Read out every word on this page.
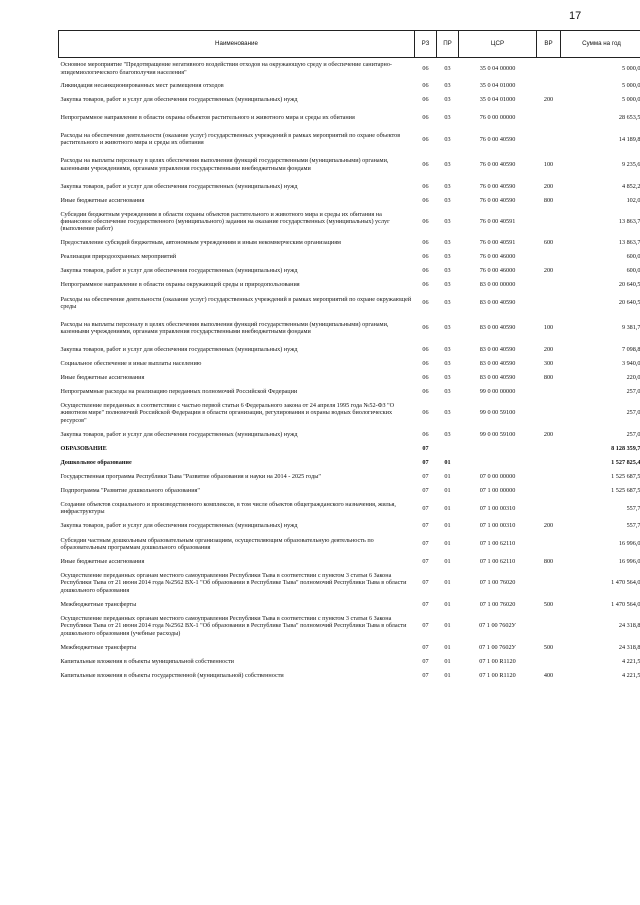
17
Наименование	РЗ	ПР	ЦСР	ВР	Сумма на год
Основное мероприятие "Предотвращение негативного воздействия отходов на окружающую среду и обеспечение санитарно-эпидемиологического благополучия населения"	06	03	35 0 04 00000		5 000,0
Ликвидация несанкционированных мест размещения отходов	06	03	35 0 04 01000		5 000,0
Закупка товаров, работ и услуг для обеспечения государственных (муниципальных) нужд	06	03	35 0 04 01000	200	5 000,0
Непрограммное направление в области охраны объектов растительного и животного мира и среды их обитания	06	03	76 0 00 00000		28 653,5
Расходы на обеспечение деятельности (оказание услуг) государственных учреждений в рамках мероприятий по охране объектов растительного и животного мира и среды их обитания	06	03	76 0 00 40590		14 189,8
Расходы на выплаты персоналу в целях обеспечения выполнения функций государственными (муниципальными) органами, казенными учреждениями, органами управления государственными внебюджетными фондами	06	03	76 0 00 40590	100	9 235,6
Закупка товаров, работ и услуг для обеспечения государственных (муниципальных) нужд	06	03	76 0 00 40590	200	4 852,2
Иные бюджетные ассигнования	06	03	76 0 00 40590	800	102,0
Субсидии бюджетным учреждениям в области охраны объектов растительного и животного мира и среды их обитания на финансовое обеспечение государственного (муниципального) задания на оказание государственных (муниципальных) услуг (выполнение работ)	06	03	76 0 00 40591		13 863,7
Предоставление субсидий бюджетным, автономным учреждениям и иным некоммерческим организациям	06	03	76 0 00 40591	600	13 863,7
Реализация природоохранных мероприятий	06	03	76 0 00 46000		600,0
Закупка товаров, работ и услуг для обеспечения государственных (муниципальных) нужд	06	03	76 0 00 46000	200	600,0
Непрограммное направление в области охраны окружающей среды и природопользования	06	03	83 0 00 00000		20 640,5
Расходы на обеспечение деятельности (оказание услуг) государственных учреждений в рамках мероприятий по охране окружающей среды	06	03	83 0 00 40590		20 640,5
Расходы на выплаты персоналу в целях обеспечения выполнения функций государственными (муниципальными) органами, казенными учреждениями, органами управления государственными внебюджетными фондами	06	03	83 0 00 40590	100	9 381,7
Закупка товаров, работ и услуг для обеспечения государственных (муниципальных) нужд	06	03	83 0 00 40590	200	7 098,8
Социальное обеспечение и иные выплаты населению	06	03	83 0 00 40590	300	3 940,0
Иные бюджетные ассигнования	06	03	83 0 00 40590	800	220,0
Непрограммные расходы на реализацию переданных полномочий Российской Федерации	06	03	99 0 00 00000		257,0
Осуществление переданных в соответствии с частью первой статьи 6 Федерального закона от 24 апреля 1995 года №52-ФЗ "О животном мире" полномочий Российской Федерации в области организации, регулирования и охраны водных биологических ресурсов"	06	03	99 0 00 59100		257,0
Закупка товаров, работ и услуг для обеспечения государственных (муниципальных) нужд	06	03	99 0 00 59100	200	257,0
ОБРАЗОВАНИЕ	07				8 128 359,7
Дошкольное образование	07	01			1 527 825,4
Государственная программа Республики Тыва "Развитие образования и науки на 2014 - 2025 годы"	07	01	07 0 00 00000		1 525 687,5
Подпрограмма "Развитие дошкольного образования"	07	01	07 1 00 00000		1 525 687,5
Создание объектов социального и производственного комплексов, в том числе объектов общегражданского назначения, жилья, инфраструктуры	07	01	07 1 00 00310		557,7
Закупка товаров, работ и услуг для обеспечения государственных (муниципальных) нужд	07	01	07 1 00 00310	200	557,7
Субсидии частным дошкольным образовательным организациям, осуществляющим образовательную деятельность по образовательным программам дошкольного образования	07	01	07 1 00 62110		16 996,0
Иные бюджетные ассигнования	07	01	07 1 00 62110	800	16 996,0
Осуществление переданных органам местного самоуправления Республики Тыва в соответствии с пунктом 3 статьи 6 Закона Республики Тыва от 21 июня 2014 года №2562 ВХ-1 "Об образовании в Республике Тыва" полномочий Республики Тыва в области дошкольного образования	07	01	07 1 00 76020		1 470 564,0
Межбюджетные трансферты	07	01	07 1 00 76020	500	1 470 564,0
Осуществление переданных органам местного самоуправления Республики Тыва в соответствии с пунктом 3 статьи 6 Закона Республики Тыва от 21 июня 2014 года №2562 ВХ-1 "Об образовании в Республике Тыва" полномочий Республики Тыва в области дошкольного образования (учебные расходы)	07	01	07 1 00 7602У		24 318,8
Межбюджетные трансферты	07	01	07 1 00 7602У	500	24 318,8
Капитальные вложения в объекты муниципальной собственности	07	01	07 1 00 R1120		4 221,5
Капитальные вложения в объекты государственной (муниципальной) собственности	07	01	07 1 00 R1120	400	4 221,5
